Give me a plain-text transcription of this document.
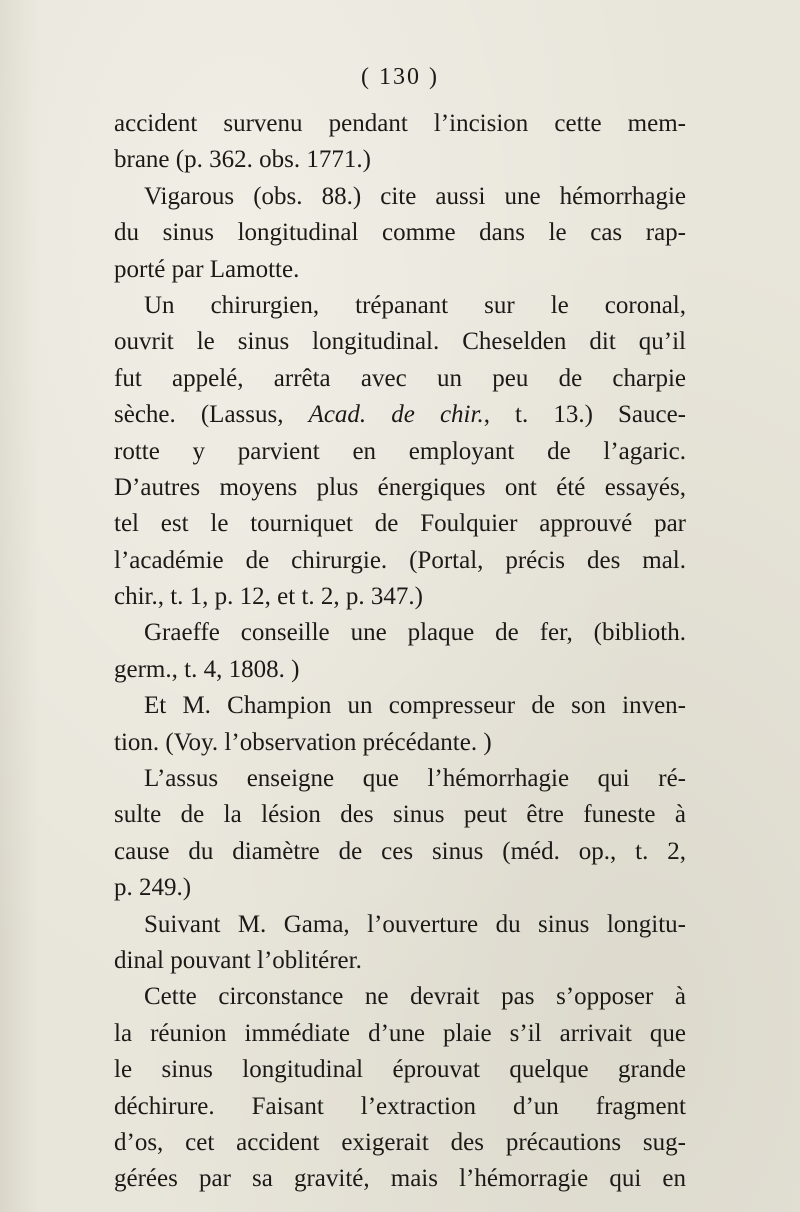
( 130 )
accident survenu pendant l’incision cette mem-
brane (p. 362. obs. 1771.)
Vigarous (obs. 88.) cite aussi une hémorrhagie
du sinus longitudinal comme dans le cas rap-
porté par Lamotte.
Un chirurgien, trépanant sur le coronal,
ouvrit le sinus longitudinal. Cheselden dit qu’il
fut appelé, arrêta avec un peu de charpie
sèche. (Lassus, Acad. de chir., t. 13.) Sauce-
rotte y parvient en employant de l’agaric.
D’autres moyens plus énergiques ont été essayés,
tel est le tourniquet de Foulquier approuvé par
l’académie de chirurgie. (Portal, précis des mal.
chir., t. 1, p. 12, et t. 2, p. 347.)
Graeffe conseille une plaque de fer, (biblioth.
germ., t. 4, 1808. )
Et M. Champion un compresseur de son inven-
tion. (Voy. l’observation précédante. )
L’assus enseigne que l’hémorrhagie qui ré-
sulte de la lésion des sinus peut être funeste à
cause du diamètre de ces sinus (méd. op., t. 2,
p. 249.)
Suivant M. Gama, l’ouverture du sinus longitu-
dinal pouvant l’oblitérer.
Cette circonstance ne devrait pas s’opposer à
la réunion immédiate d’une plaie s’il arrivait que
le sinus longitudinal éprouvat quelque grande
déchirure. Faisant l’extraction d’un fragment
d’os, cet accident exigerait des précautions sug-
gérées par sa gravité, mais l’hémorragie qui en
